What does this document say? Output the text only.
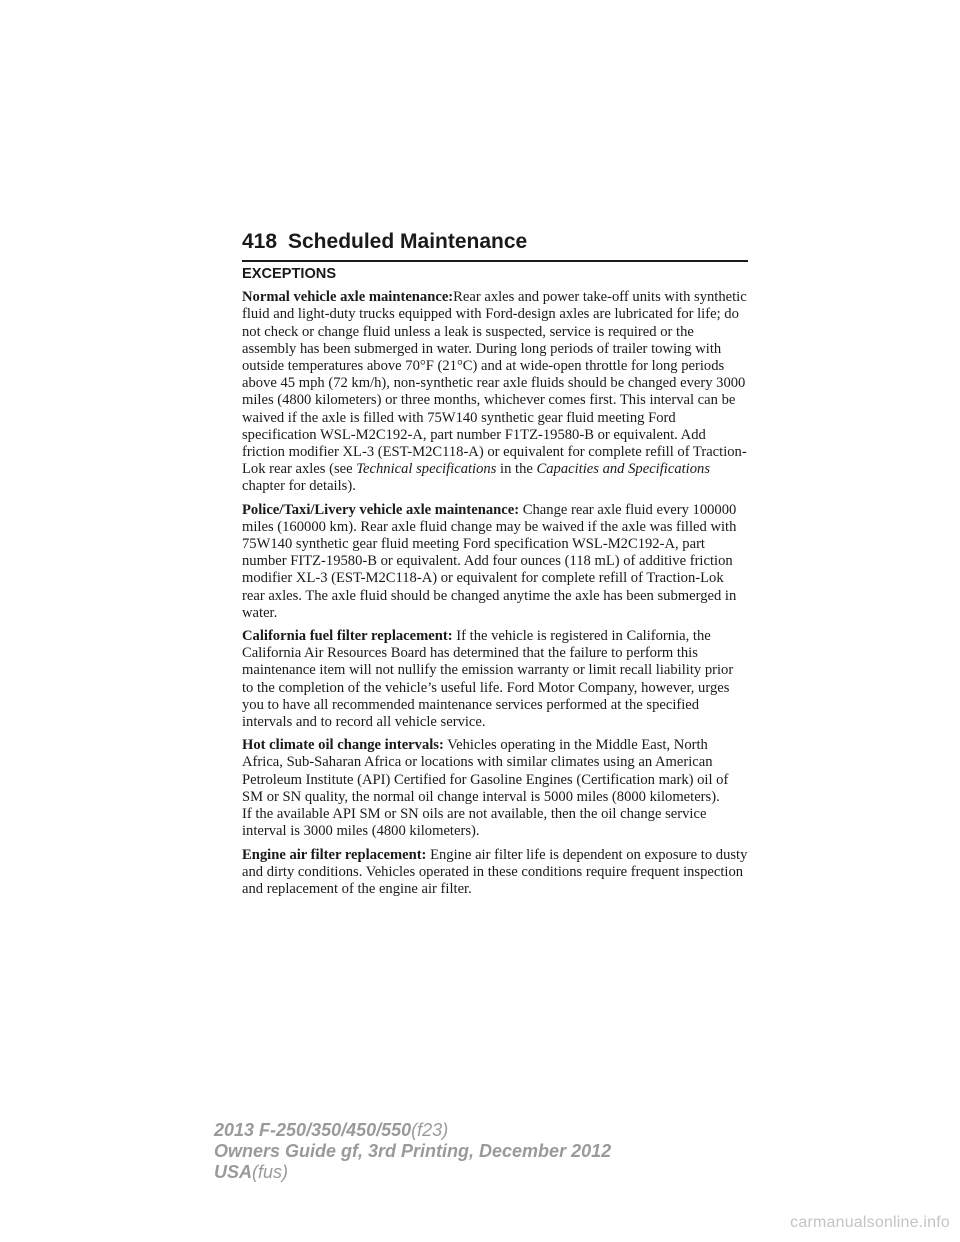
418 Scheduled Maintenance
EXCEPTIONS

Normal vehicle axle maintenance:Rear axles and power take-off units with synthetic fluid and light-duty trucks equipped with Ford-design axles are lubricated for life; do not check or change fluid unless a leak is suspected, service is required or the assembly has been submerged in water. During long periods of trailer towing with outside temperatures above 70°F (21°C) and at wide-open throttle for long periods above 45 mph (72 km/h), non-synthetic rear axle fluids should be changed every 3000 miles (4800 kilometers) or three months, whichever comes first. This interval can be waived if the axle is filled with 75W140 synthetic gear fluid meeting Ford specification WSL-M2C192-A, part number F1TZ-19580-B or equivalent. Add friction modifier XL-3 (EST-M2C118-A) or equivalent for complete refill of Traction-Lok rear axles (see Technical specifications in the Capacities and Specifications chapter for details).

Police/Taxi/Livery vehicle axle maintenance: Change rear axle fluid every 100000 miles (160000 km). Rear axle fluid change may be waived if the axle was filled with 75W140 synthetic gear fluid meeting Ford specification WSL-M2C192-A, part number FITZ-19580-B or equivalent. Add four ounces (118 mL) of additive friction modifier XL-3 (EST-M2C118-A) or equivalent for complete refill of Traction-Lok rear axles. The axle fluid should be changed anytime the axle has been submerged in water.

California fuel filter replacement: If the vehicle is registered in California, the California Air Resources Board has determined that the failure to perform this maintenance item will not nullify the emission warranty or limit recall liability prior to the completion of the vehicle’s useful life. Ford Motor Company, however, urges you to have all recommended maintenance services performed at the specified intervals and to record all vehicle service.

Hot climate oil change intervals: Vehicles operating in the Middle East, North Africa, Sub-Saharan Africa or locations with similar climates using an American Petroleum Institute (API) Certified for Gasoline Engines (Certification mark) oil of SM or SN quality, the normal oil change interval is 5000 miles (8000 kilometers).
If the available API SM or SN oils are not available, then the oil change service interval is 3000 miles (4800 kilometers).

Engine air filter replacement: Engine air filter life is dependent on exposure to dusty and dirty conditions. Vehicles operated in these conditions require frequent inspection and replacement of the engine air filter.

2013 F-250/350/450/550(f23)
Owners Guide gf, 3rd Printing, December 2012
USA(fus)
carmanualsonline.info
